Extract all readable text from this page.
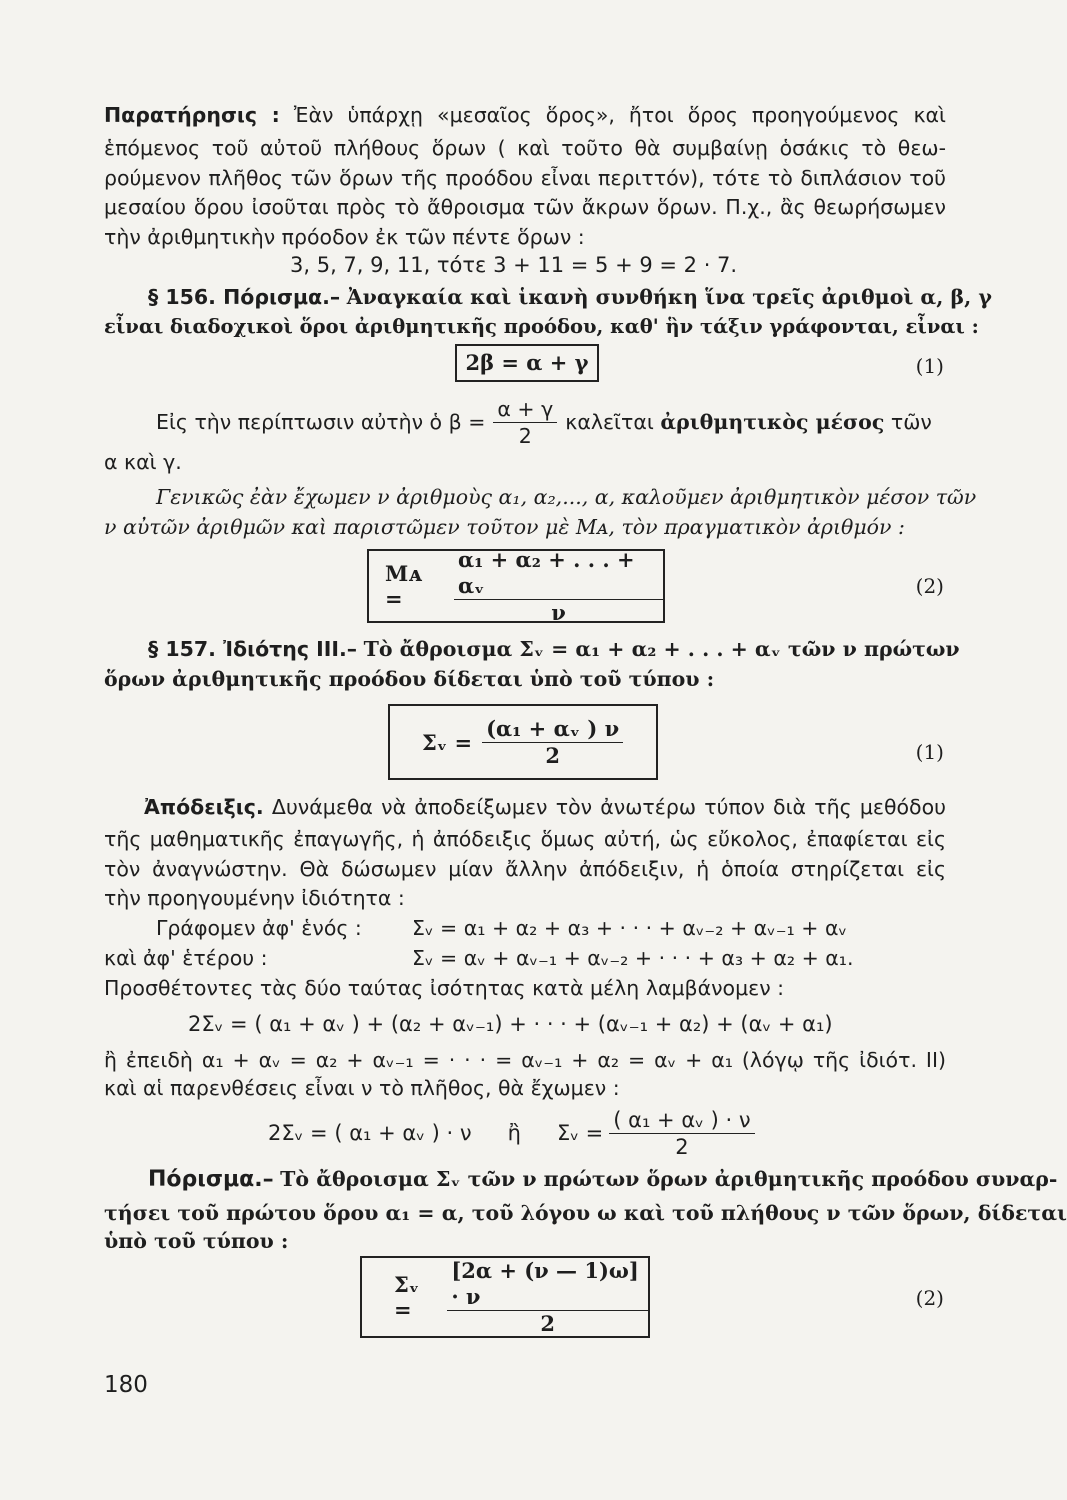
Παρατήρησις : Ἐὰν ὑπάρχῃ «μεσαῖος ὅρος», ἤτοι ὅρος προηγούμενος καὶ
ἑπόμενος τοῦ αὐτοῦ πλήθους ὅρων ( καὶ τοῦτο θὰ συμβαίνῃ ὁσάκις τὸ θεω-
ρούμενον πλῆθος τῶν ὅρων τῆς προόδου εἶναι περιττόν), τότε τὸ διπλάσιον τοῦ
μεσαίου ὅρου ἰσοῦται πρὸς τὸ ἄθροισμα τῶν ἄκρων ὅρων. Π.χ., ἂς θεωρήσωμεν
τὴν ἀριθμητικὴν πρόοδον ἐκ τῶν πέντε ὅρων :
3, 5, 7, 9, 11, τότε 3 + 11 = 5 + 9 = 2 · 7.
§ 156. Πόρισμα.– Ἀναγκαία καὶ ἱκανὴ συνθήκη ἵνα τρεῖς ἀριθμοὶ α, β, γ
εἶναι διαδοχικοὶ ὅροι ἀριθμητικῆς προόδου, καθ' ἣν τάξιν γράφονται, εἶναι :
2β = α + γ	(1)
Εἰς τὴν περίπτωσιν αὐτὴν ὁ $\beta = \frac{\alpha + \gamma}{2}$ καλεῖται
ἀριθμητικὸς μέσος
τῶν
α καὶ γ.
Γενικῶς ἐὰν ἔχωμεν ν ἀριθμοὺς α₁, α₂,..., α, καλοῦμεν ἀριθμητικὸν μέσον τῶν
ν αὐτῶν ἀριθμῶν καὶ παριστῶμεν τοῦτον μὲ Mᴀ, τὸν πραγματικὸν ἀριθμόν :
Mᴀ =	$\frac{\text{α₁ + α₂ + . . . + αᵥ}}{\nu}$	(2)
§ 157. Ἰδιότης III.– Τὸ ἄθροισμα Σᵥ = α₁ + α₂ + . . . + αᵥ τῶν ν πρώτων
ὅρων ἀριθμητικῆς προόδου δίδεται ὑπὸ τοῦ τύπου :
Σᵥ = $\frac{\text{(α₁ + αᵥ ) ν}}{2}$	(1)
Ἀπόδειξις. Δυνάμεθα νὰ ἀποδείξωμεν τὸν ἀνωτέρω τύπον διὰ τῆς μεθόδου
τῆς μαθηματικῆς ἐπαγωγῆς, ἡ ἀπόδειξις ὅμως αὐτή, ὡς εὔκολος, ἐπαφίεται εἰς
τὸν ἀναγνώστην. Θὰ δώσωμεν μίαν ἄλλην ἀπόδειξιν, ἡ ὁποία στηρίζεται εἰς
τὴν προηγουμένην ἰδιότητα :
Γράφομεν ἀφ' ἑνός : Σᵥ = α₁ + α₂ + α₃ + · · · + αᵥ₋₂ + αᵥ₋₁ + αᵥ
καὶ ἀφ' ἑτέρου :	Σᵥ = αᵥ + αᵥ₋₁ + αᵥ₋₂ + · · · + α₃ + α₂ + α₁.
Προσθέτοντες τὰς δύο ταύτας ἰσότητας κατὰ μέλη λαμβάνομεν :
2Σᵥ = ( α₁ + αᵥ ) + (α₂ + αᵥ₋₁) + · · · + (αᵥ₋₁ + α₂) + (αᵥ + α₁)
ἢ ἐπειδὴ α₁ + αᵥ = α₂ + αᵥ₋₁ = · · · = αᵥ₋₁ + α₂ = αᵥ + α₁ (λόγῳ τῆς ἰδιότ. II)
καὶ αἱ παρενθέσεις εἶναι ν τὸ πλῆθος, θὰ ἔχωμεν :
2Σᵥ = ( α₁ + αᵥ ) · ν ἢ Σᵥ = $\frac{\text{( α₁ + αᵥ ) · ν}}{2}$
Πόρισμα.– Τὸ ἄθροισμα Σᵥ τῶν ν πρώτων ὅρων ἀριθμητικῆς προόδου συναρ-
τήσει τοῦ πρώτου ὅρου α₁ = α, τοῦ λόγου ω καὶ τοῦ πλήθους ν τῶν ὅρων, δίδεται
ὑπὸ τοῦ τύπου :
Σᵥ =	$\frac{[2\alpha + (\nu — 1)\omega] \cdot \nu}{2}$	(2)
180
